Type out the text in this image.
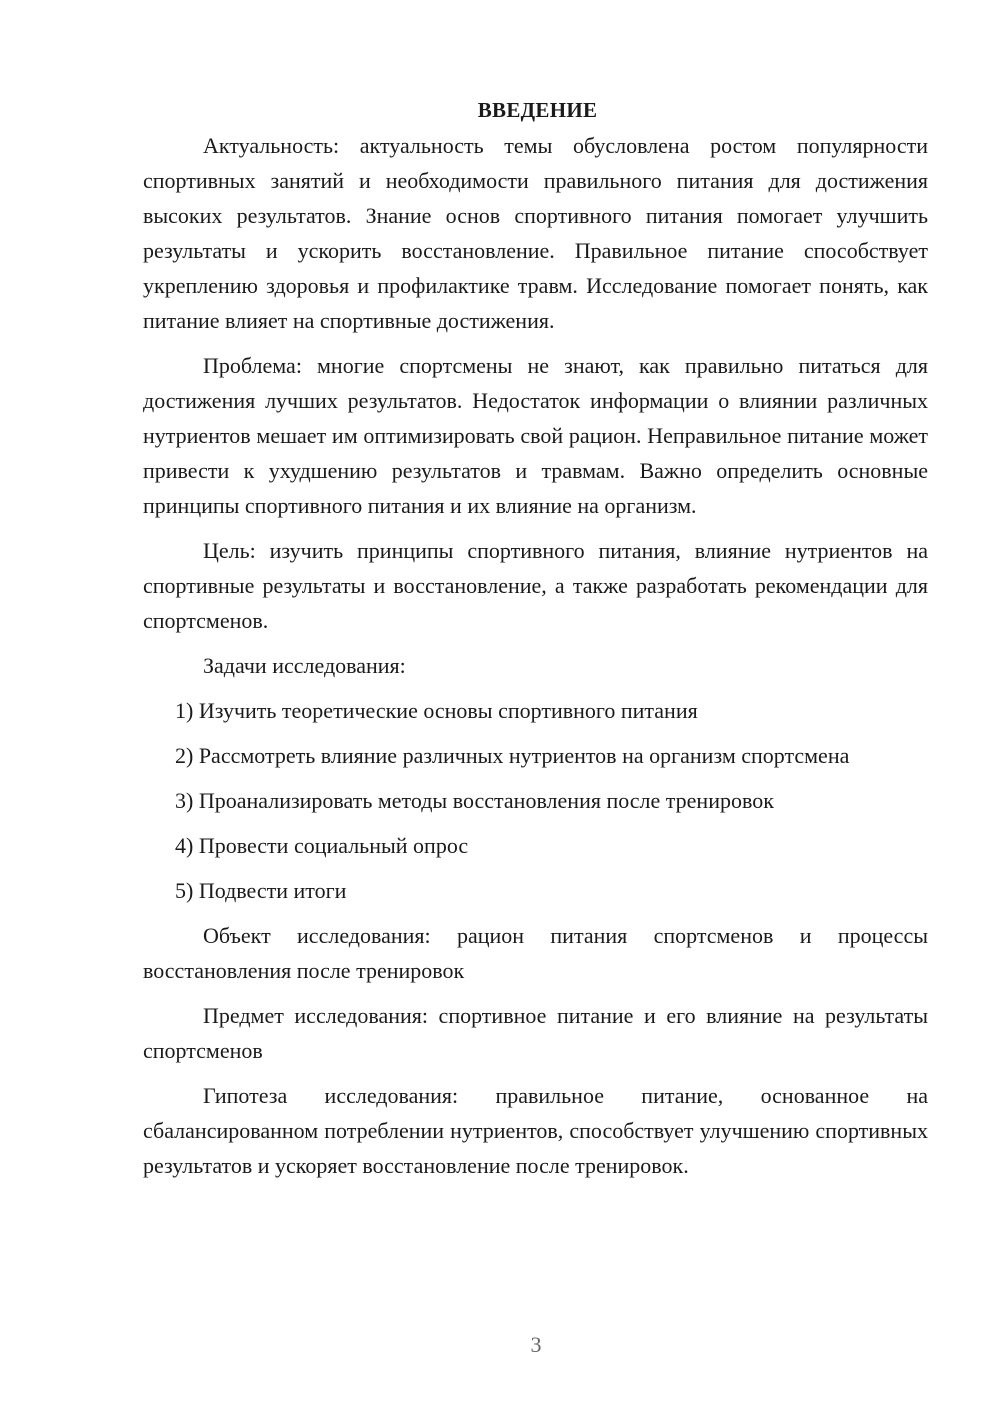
ВВЕДЕНИЕ

Актуальность: актуальность темы обусловлена ростом популярности спортивных занятий и необходимости правильного питания для достижения высоких результатов. Знание основ спортивного питания помогает улучшить результаты и ускорить восстановление. Правильное питание способствует укреплению здоровья и профилактике травм. Исследование помогает понять, как питание влияет на спортивные достижения.

Проблема: многие спортсмены не знают, как правильно питаться для достижения лучших результатов. Недостаток информации о влиянии различных нутриентов мешает им оптимизировать свой рацион. Неправильное питание может привести к ухудшению результатов и травмам. Важно определить основные принципы спортивного питания и их влияние на организм.

Цель: изучить принципы спортивного питания, влияние нутриентов на спортивные результаты и восстановление, а также разработать рекомендации для спортсменов.

Задачи исследования:

1) Изучить теоретические основы спортивного питания

2) Рассмотреть влияние различных нутриентов на организм спортсмена

3) Проанализировать методы восстановления после тренировок

4) Провести социальный опрос

5) Подвести итоги

Объект исследования: рацион питания спортсменов и процессы восстановления после тренировок

Предмет исследования: спортивное питание и его влияние на результаты спортсменов

Гипотеза исследования: правильное питание, основанное на сбалансированном потреблении нутриентов, способствует улучшению спортивных результатов и ускоряет восстановление после тренировок.

3
